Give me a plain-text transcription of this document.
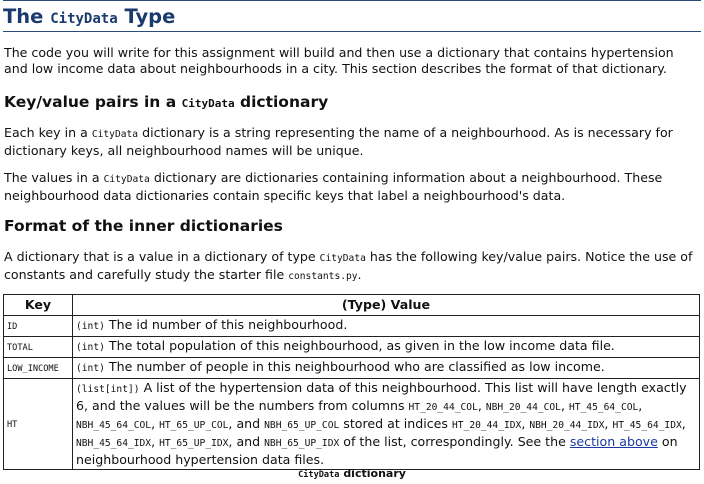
The CityData Type

The code you will write for this assignment will build and then use a dictionary that contains hypertension and low income data about neighbourhoods in a city. This section describes the format of that dictionary.

Key/value pairs in a CityData dictionary

Each key in a CityData dictionary is a string representing the name of a neighbourhood. As is necessary for dictionary keys, all neighbourhood names will be unique.

The values in a CityData dictionary are dictionaries containing information about a neighbourhood. These neighbourhood data dictionaries contain specific keys that label a neighbourhood's data.

Format of the inner dictionaries

A dictionary that is a value in a dictionary of type CityData has the following key/value pairs. Notice the use of constants and carefully study the starter file constants.py.

Key	(Type) Value
ID	(int) The id number of this neighbourhood.
TOTAL	(int) The total population of this neighbourhood, as given in the low income data file.
LOW_INCOME	(int) The number of people in this neighbourhood who are classified as low income.
HT	(list[int]) A list of the hypertension data of this neighbourhood. This list will have length exactly 6, and the values will be the numbers from columns HT_20_44_COL, NBH_20_44_COL, HT_45_64_COL, NBH_45_64_COL, HT_65_UP_COL, and NBH_65_UP_COL stored at indices HT_20_44_IDX, NBH_20_44_IDX, HT_45_64_IDX, NBH_45_64_IDX, HT_65_UP_IDX, and NBH_65_UP_IDX of the list, correspondingly. See the section above on neighbourhood hypertension data files.
CityData dictionary
